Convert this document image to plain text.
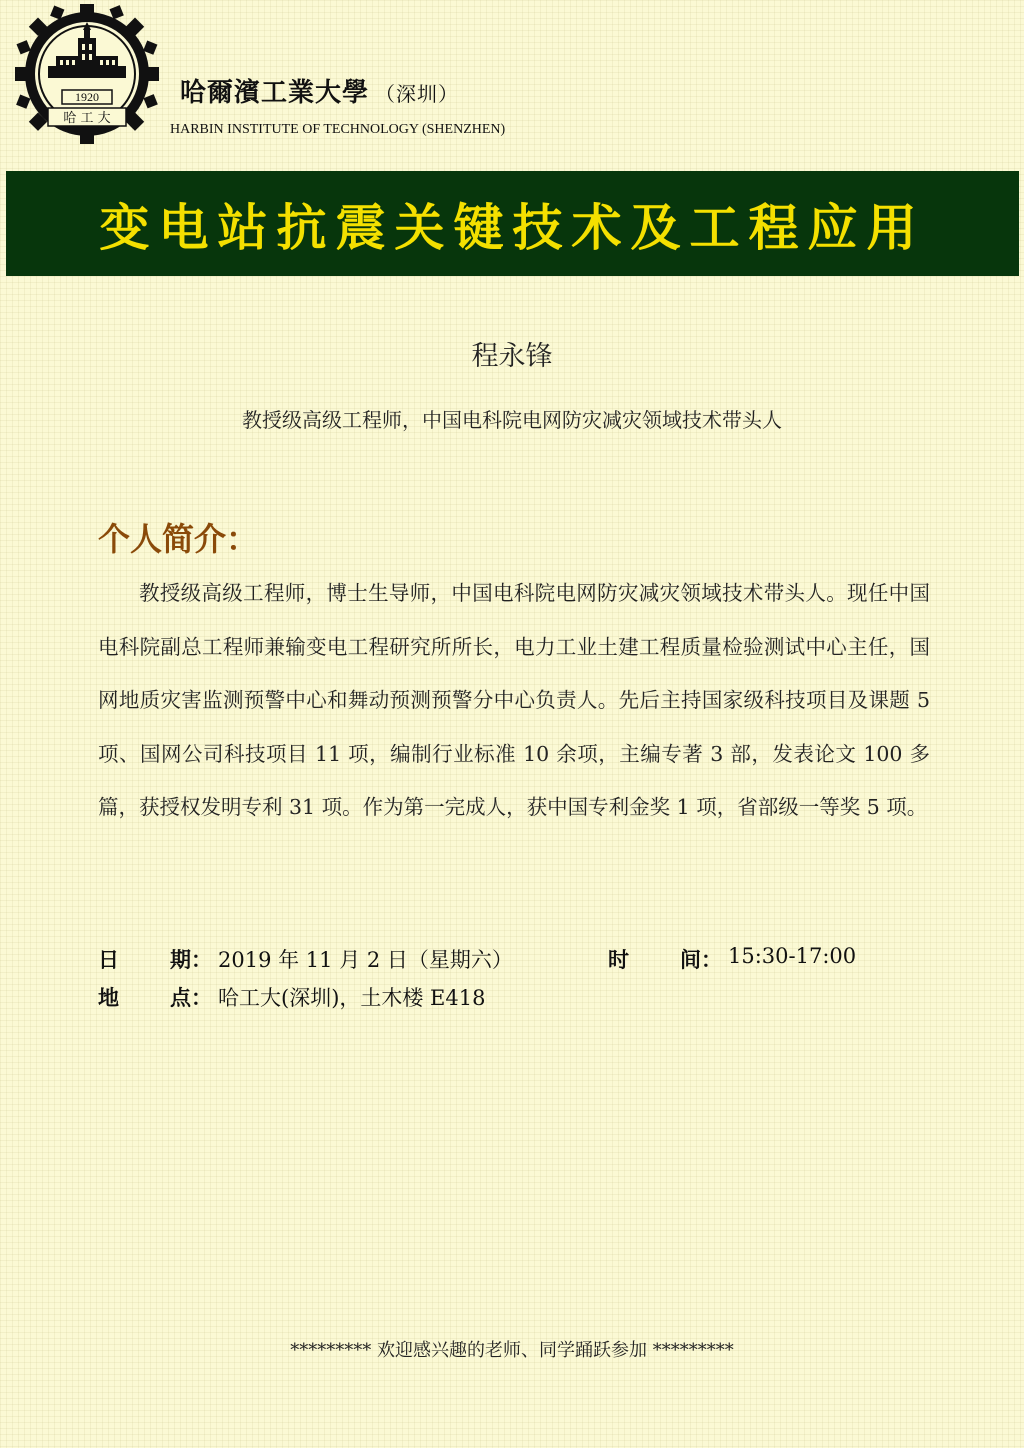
1920
哈 工 大
哈爾濱工業大學 （深圳）
HARBIN INSTITUTE OF TECHNOLOGY (SHENZHEN)
变电站抗震关键技术及工程应用
程永锋
教授级高级工程师，中国电科院电网防灾减灾领域技术带头人
个人简介：
教授级高级工程师，博士生导师，中国电科院电网防灾减灾领域技术带头人。现任中国电科院副总工程师兼输变电工程研究所所长，电力工业土建工程质量检验测试中心主任，国网地质灾害监测预警中心和舞动预测预警分中心负责人。先后主持国家级科技项目及课题 5 项、国网公司科技项目 11 项，编制行业标准 10 余项，主编专著 3 部，发表论文 100 多篇，获授权发明专利 31 项。作为第一完成人，获中国专利金奖 1 项，省部级一等奖 5 项。
日 期： 2019 年 11 月 2 日（星期六）	时 间： 15:30-17:00
地 点： 哈工大(深圳)，土木楼 E418
********* 欢迎感兴趣的老师、同学踊跃参加 *********
